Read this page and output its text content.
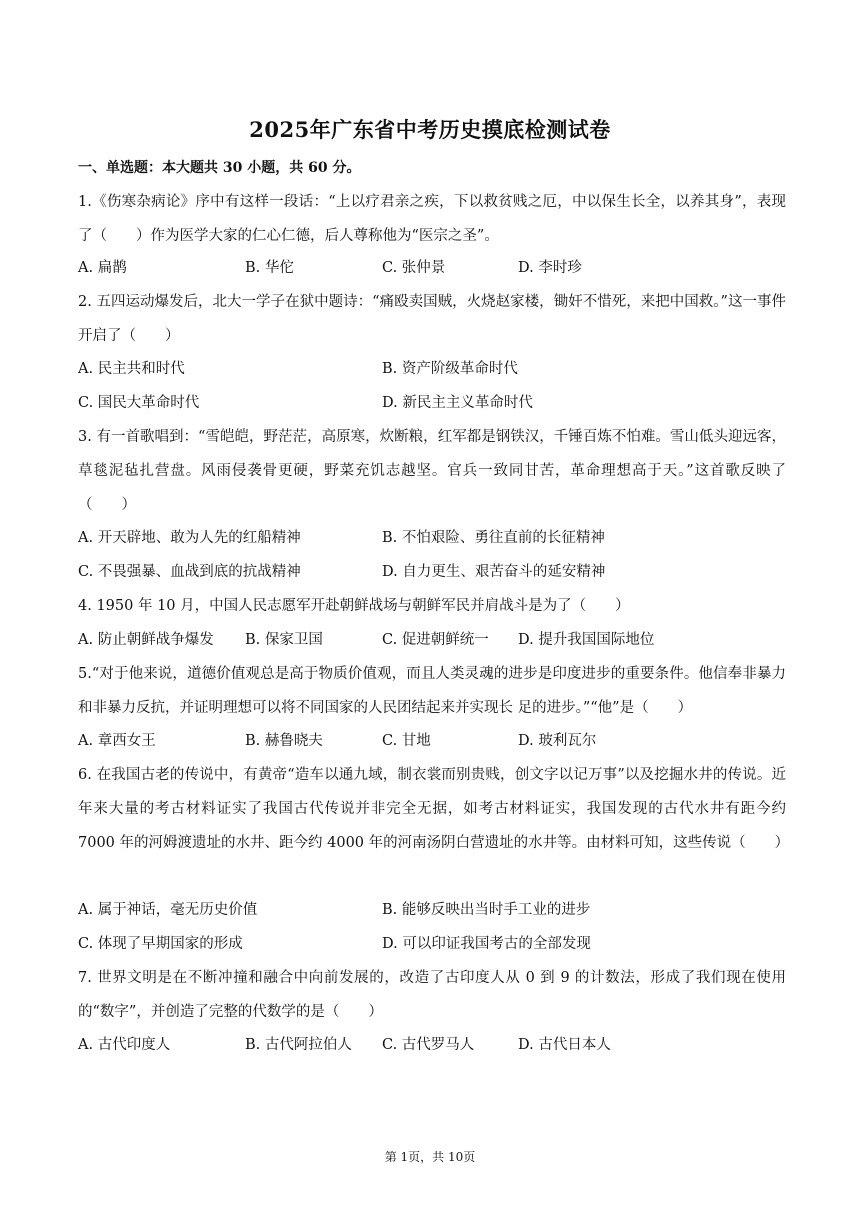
2025年广东省中考历史摸底检测试卷
一、单选题：本大题共 30 小题，共 60 分。
1.《伤寒杂病论》序中有这样一段话：“上以疗君亲之疾，下以救贫贱之厄，中以保生长全，以养其身”，表现了（　　）作为医学大家的仁心仁德，后人尊称他为“医宗之圣”。
A. 扁鹊	B. 华佗	C. 张仲景	D. 李时珍
2. 五四运动爆发后，北大一学子在狱中题诗：“痛殴卖国贼，火烧赵家楼，锄奸不惜死，来把中国救。”这一事件开启了（　　）
A. 民主共和时代	B. 资产阶级革命时代
C. 国民大革命时代	D. 新民主主义革命时代
3. 有一首歌唱到：“雪皑皑，野茫茫，高原寒，炊断粮，红军都是钢铁汉，千锤百炼不怕难。雪山低头迎远客，草毯泥毡扎营盘。风雨侵袭骨更硬，野菜充饥志越坚。官兵一致同甘苦，革命理想高于天。”这首歌反映了（　　）
A. 开天辟地、敢为人先的红船精神	B. 不怕艰险、勇往直前的长征精神
C. 不畏强暴、血战到底的抗战精神	D. 自力更生、艰苦奋斗的延安精神
4. 1950 年 10 月，中国人民志愿军开赴朝鲜战场与朝鲜军民并肩战斗是为了（　　）
A. 防止朝鲜战争爆发 B. 保家卫国	C. 促进朝鲜统一 D. 提升我国国际地位
5.“对于他来说，道德价值观总是高于物质价值观，而且人类灵魂的进步是印度进步的重要条件。他信奉非暴力和非暴力反抗，并证明理想可以将不同国家的人民团结起来并实现长 足的进步。”“他”是（　　）
A. 章西女王	B. 赫鲁晓夫	C. 甘地	D. 玻利瓦尔
6. 在我国古老的传说中，有黄帝“造车以通九域，制衣裳而别贵贱，创文字以记万事”以及挖掘水井的传说。近年来大量的考古材料证实了我国古代传说并非完全无据，如考古材料证实，我国发现的古代水井有距今约 7000 年的河姆渡遗址的水井、距今约 4000 年的河南汤阴白营遗址的水井等。由材料可知，这些传说（　　）
A. 属于神话，毫无历史价值	B. 能够反映出当时手工业的进步
C. 体现了早期国家的形成	D. 可以印证我国考古的全部发现
7. 世界文明是在不断冲撞和融合中向前发展的，改造了古印度人从 0 到 9 的计数法，形成了我们现在使用的“数字”，并创造了完整的代数学的是（　　）
A. 古代印度人	B. 古代阿拉伯人 C. 古代罗马人	D. 古代日本人
第 1页，共 10页
